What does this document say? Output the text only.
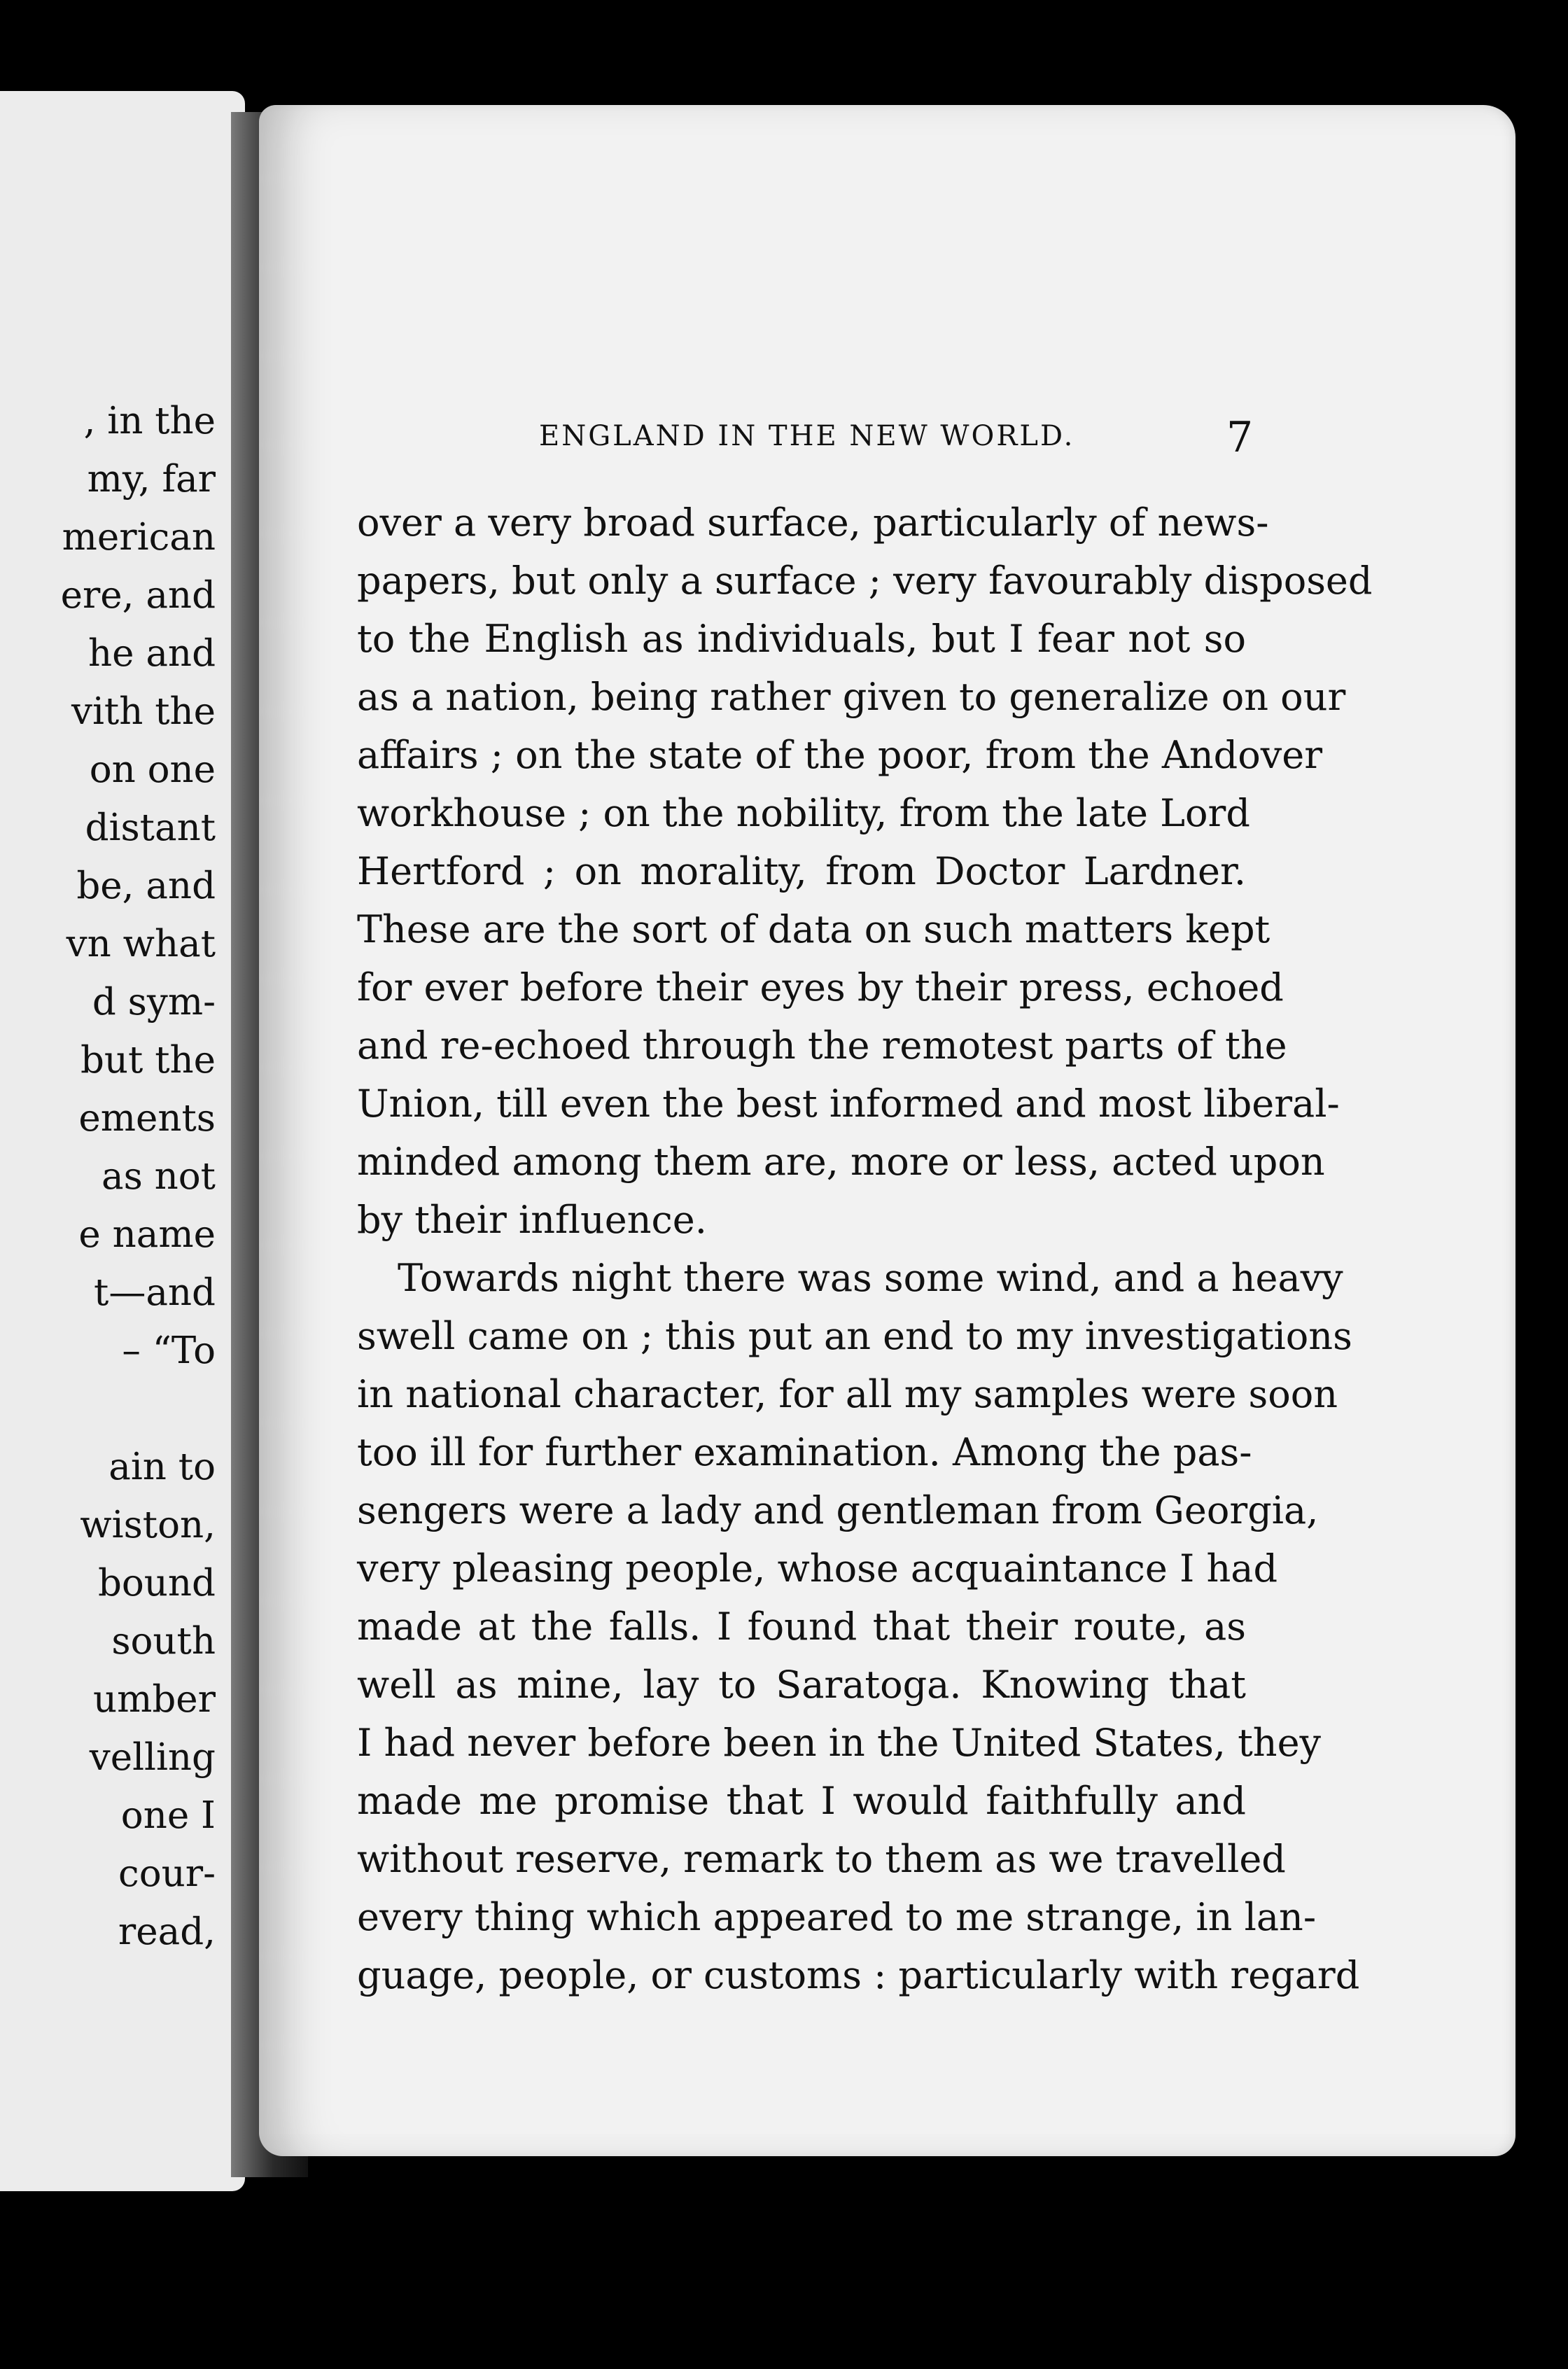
, in the

my, far

merican

ere, and

he and

vith the

on one

distant

be, and

vn what

d sym-

but the

ements

as not

e name

t—and

– “To

ain to

wiston,

bound

south

umber

velling

one I

cour-

read,

ENGLAND IN THE NEW WORLD.	7
over a very broad surface, particularly of news-
papers, but only a surface ; very favourably disposed
to the English as individuals, but I fear not so
as a nation, being rather given to generalize on our
affairs ; on the state of the poor, from the Andover
workhouse ; on the nobility, from the late Lord
Hertford ; on morality, from Doctor Lardner.
These are the sort of data on such matters kept
for ever before their eyes by their press, echoed
and re-echoed through the remotest parts of the
Union, till even the best informed and most liberal-
minded among them are, more or less, acted upon
by their influence.
Towards night there was some wind, and a heavy
swell came on ; this put an end to my investigations
in national character, for all my samples were soon
too ill for further examination. Among the pas-
sengers were a lady and gentleman from Georgia,
very pleasing people, whose acquaintance I had
made at the falls. I found that their route, as
well as mine, lay to Saratoga. Knowing that
I had never before been in the United States, they
made me promise that I would faithfully and
without reserve, remark to them as we travelled
every thing which appeared to me strange, in lan-
guage, people, or customs : particularly with regard
